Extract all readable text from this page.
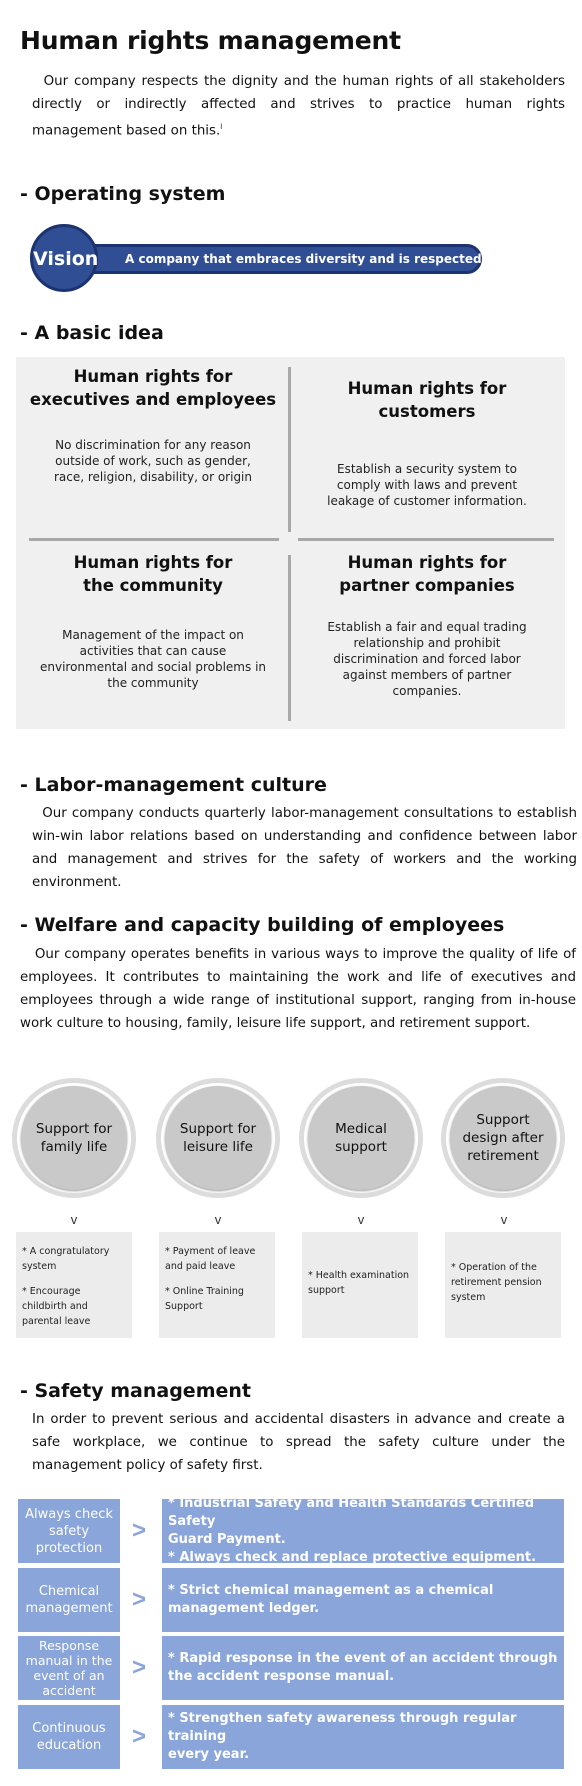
Human rights management

Our company respects the dignity and the human rights of all stakeholders directly or indirectly affected and strives to practice human rights management based on this.$^l$

- Operating system
A company that embraces diversity and is respected by everyone
Vision
- A basic idea
Human rights for executives and employees
No discrimination for any reason outside of work, such as gender, race, religion, disability, or origin
Human rights for customers
Establish a security system to comply with laws and prevent leakage of customer information.
Human rights for the community
Management of the impact on activities that can cause environmental and social problems in the community
Human rights for partner companies
Establish a fair and equal trading relationship and prohibit discrimination and forced labor against members of partner companies.
- Labor-management culture

Our company conducts quarterly labor-management consultations to establish win-win labor relations based on understanding and confidence between labor and management and strives for the safety of workers and the working environment.

- Welfare and capacity building of employees

Our company operates benefits in various ways to improve the quality of life of employees. It contributes to maintaining the work and life of executives and employees through a wide range of institutional support, ranging from in-house work culture to housing, family, leisure life support, and retirement support.

Support for family life
Support for leisure life
Medical support
Support design after retirement
v	v	v	v

* A congratulatory system

* Encourage childbirth and parental leave

* Payment of leave and paid leave

* Online Training Support

* Health examination support

* Operation of the retirement pension system

- Safety management

In order to prevent serious and accidental disasters in advance and create a safe workplace, we continue to spread the safety culture under the management policy of safety first.

Always check safety protection
>
* Industrial Safety and Health Standards Certified Safety
Guard Payment.
* Always check and replace protective equipment.
Chemical management > * Strict chemical management as a chemical
management ledger.
Response manual in the event of an accident
> * Rapid response in the event of an accident through
the accident response manual.
Continuous education	>
* Strengthen safety awareness through regular training
every year.
